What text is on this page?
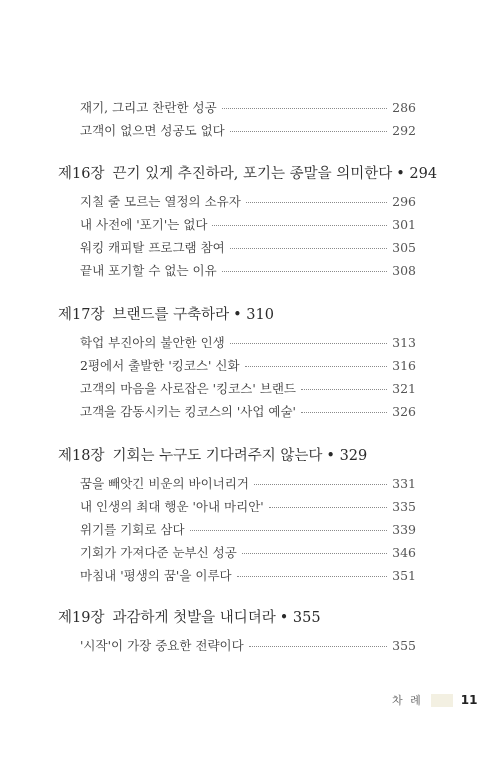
재기, 그리고 찬란한 성공	286
고객이 없으면 성공도 없다	292
제16장 끈기 있게 추진하라, 포기는 종말을 의미한다 • 294
지칠 줄 모르는 열정의 소유자	296
내 사전에 '포기'는 없다	301
워킹 캐피탈 프로그램 참여	305
끝내 포기할 수 없는 이유	308
제17장 브랜드를 구축하라 • 310
학업 부진아의 불안한 인생	313
2평에서 출발한 '킹코스' 신화	316
고객의 마음을 사로잡은 '킹코스' 브랜드	321
고객을 감동시키는 킹코스의 '사업 예술'	326
제18장 기회는 누구도 기다려주지 않는다 • 329
꿈을 빼앗긴 비운의 바이너리거	331
내 인생의 최대 행운 '아내 마리안'	335
위기를 기회로 삼다	339
기회가 가져다준 눈부신 성공	346
마침내 '평생의 꿈'을 이루다	351
제19장 과감하게 첫발을 내디뎌라 • 355
'시작'이 가장 중요한 전략이다	355
차 례	11
